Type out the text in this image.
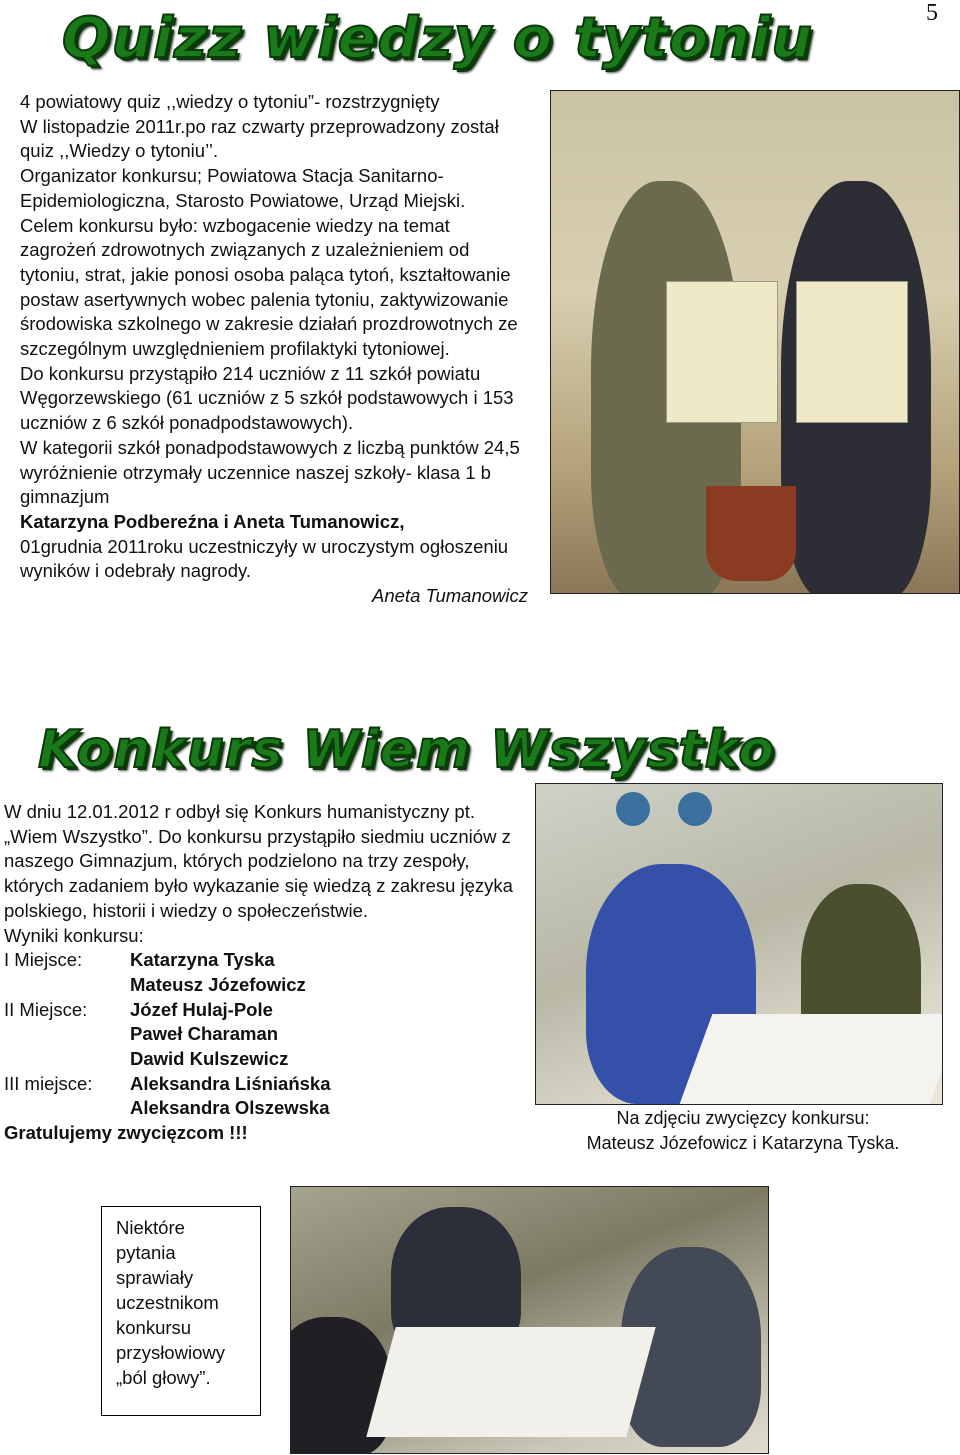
5
Quizz wiedzy o tytoniu

4 powiatowy quiz ,,wiedzy o tytoniu”- rozstrzygnięty

W listopadzie 2011r.po raz czwarty przeprowadzony został quiz ,,Wiedzy o tytoniu’’.

Organizator konkursu; Powiatowa Stacja Sanitarno-Epidemiologiczna, Starosto Powiatowe, Urząd Miejski.

Celem konkursu było: wzbogacenie wiedzy na temat zagrożeń zdrowotnych związanych z uzależnieniem od tytoniu, strat, jakie ponosi osoba paląca tytoń, kształtowanie postaw asertywnych wobec palenia tytoniu, zaktywizowanie środowiska szkolnego w zakresie działań prozdrowotnych ze szczególnym uwzględnieniem profilaktyki tytoniowej.

Do konkursu przystąpiło 214 uczniów z 11 szkół powiatu Węgorzewskiego (61 uczniów z 5 szkół podstawowych i 153 uczniów z 6 szkół ponadpodstawowych).

W kategorii szkół ponadpodstawowych z liczbą punktów 24,5 wyróżnienie otrzymały uczennice naszej szkoły- klasa 1 b gimnazjum

Katarzyna Podbereźna i Aneta Tumanowicz,

01grudnia 2011roku uczestniczyły w uroczystym ogłoszeniu wyników i odebrały nagrody.

Aneta Tumanowicz

Konkurs Wiem Wszystko

W dniu 12.01.2012 r odbył się Konkurs humanistyczny pt. „Wiem Wszystko”. Do konkursu przystąpiło siedmiu uczniów z naszego Gimnazjum, których podzielono na trzy zespoły, których zadaniem było wykazanie się wiedzą z zakresu języka polskiego, historii i wiedzy o społeczeństwie.

Wyniki konkursu:

I Miejsce:	Katarzyna Tyska
Mateusz Józefowicz
II Miejsce:	Józef Hulaj-Pole
Paweł Charaman
Dawid Kulszewicz
III miejsce:	Aleksandra Liśniańska
Aleksandra Olszewska

Gratulujemy zwycięzcom !!!

Na zdjęciu zwycięzcy konkursu:
Mateusz Józefowicz i Katarzyna Tyska.
Niektóre
pytania
sprawiały
uczestnikom
konkursu
przysłowiowy
„ból głowy”.
